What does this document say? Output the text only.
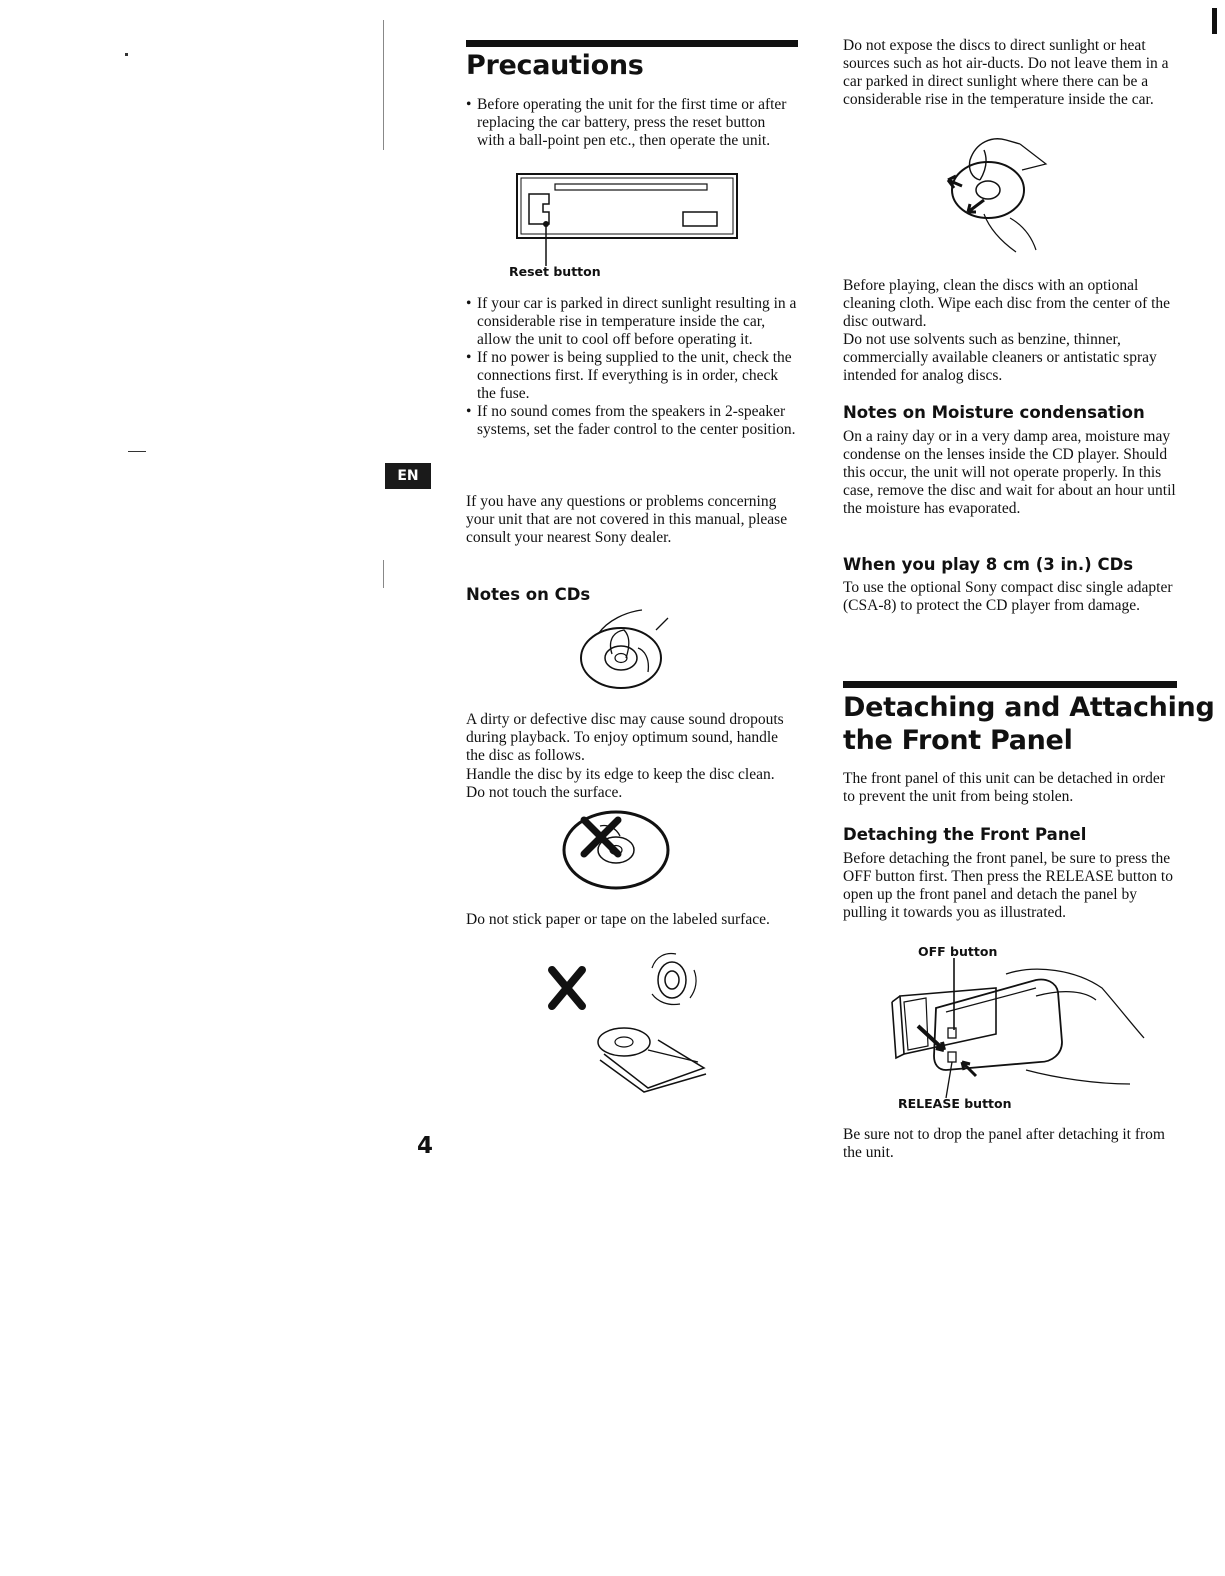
EN
4
Precautions
• Before operating the unit for the first time or after replacing the car battery, press the reset button with a ball-point pen etc., then operate the unit.
Reset button
• If your car is parked in direct sunlight resulting in a considerable rise in temperature inside the car, allow the unit to cool off before operating it.
• If no power is being supplied to the unit, check the connections first. If everything is in order, check the fuse.
• If no sound comes from the speakers in 2-speaker systems, set the fader control to the center position.

If you have any questions or problems concerning your unit that are not covered in this manual, please consult your nearest Sony dealer.

Notes on CDs

A dirty or defective disc may cause sound dropouts during playback. To enjoy optimum sound, handle the disc as follows.

Handle the disc by its edge to keep the disc clean. Do not touch the surface.

Do not stick paper or tape on the labeled surface.

Do not expose the discs to direct sunlight or heat sources such as hot air-ducts. Do not leave them in a car parked in direct sunlight where there can be a considerable rise in the temperature inside the car.

Before playing, clean the discs with an optional cleaning cloth. Wipe each disc from the center of the disc outward.

Do not use solvents such as benzine, thinner, commercially available cleaners or antistatic spray intended for analog discs.

Notes on Moisture condensation

On a rainy day or in a very damp area, moisture may condense on the lenses inside the CD player. Should this occur, the unit will not operate properly. In this case, remove the disc and wait for about an hour until the moisture has evaporated.

When you play 8 cm (3 in.) CDs

To use the optional Sony compact disc single adapter (CSA-8) to protect the CD player from damage.

Detaching and Attaching
the Front Panel

The front panel of this unit can be detached in order to prevent the unit from being stolen.

Detaching the Front Panel

Before detaching the front panel, be sure to press the OFF button first. Then press the RELEASE button to open up the front panel and detach the panel by pulling it towards you as illustrated.

OFF button
RELEASE button

Be sure not to drop the panel after detaching it from the unit.
